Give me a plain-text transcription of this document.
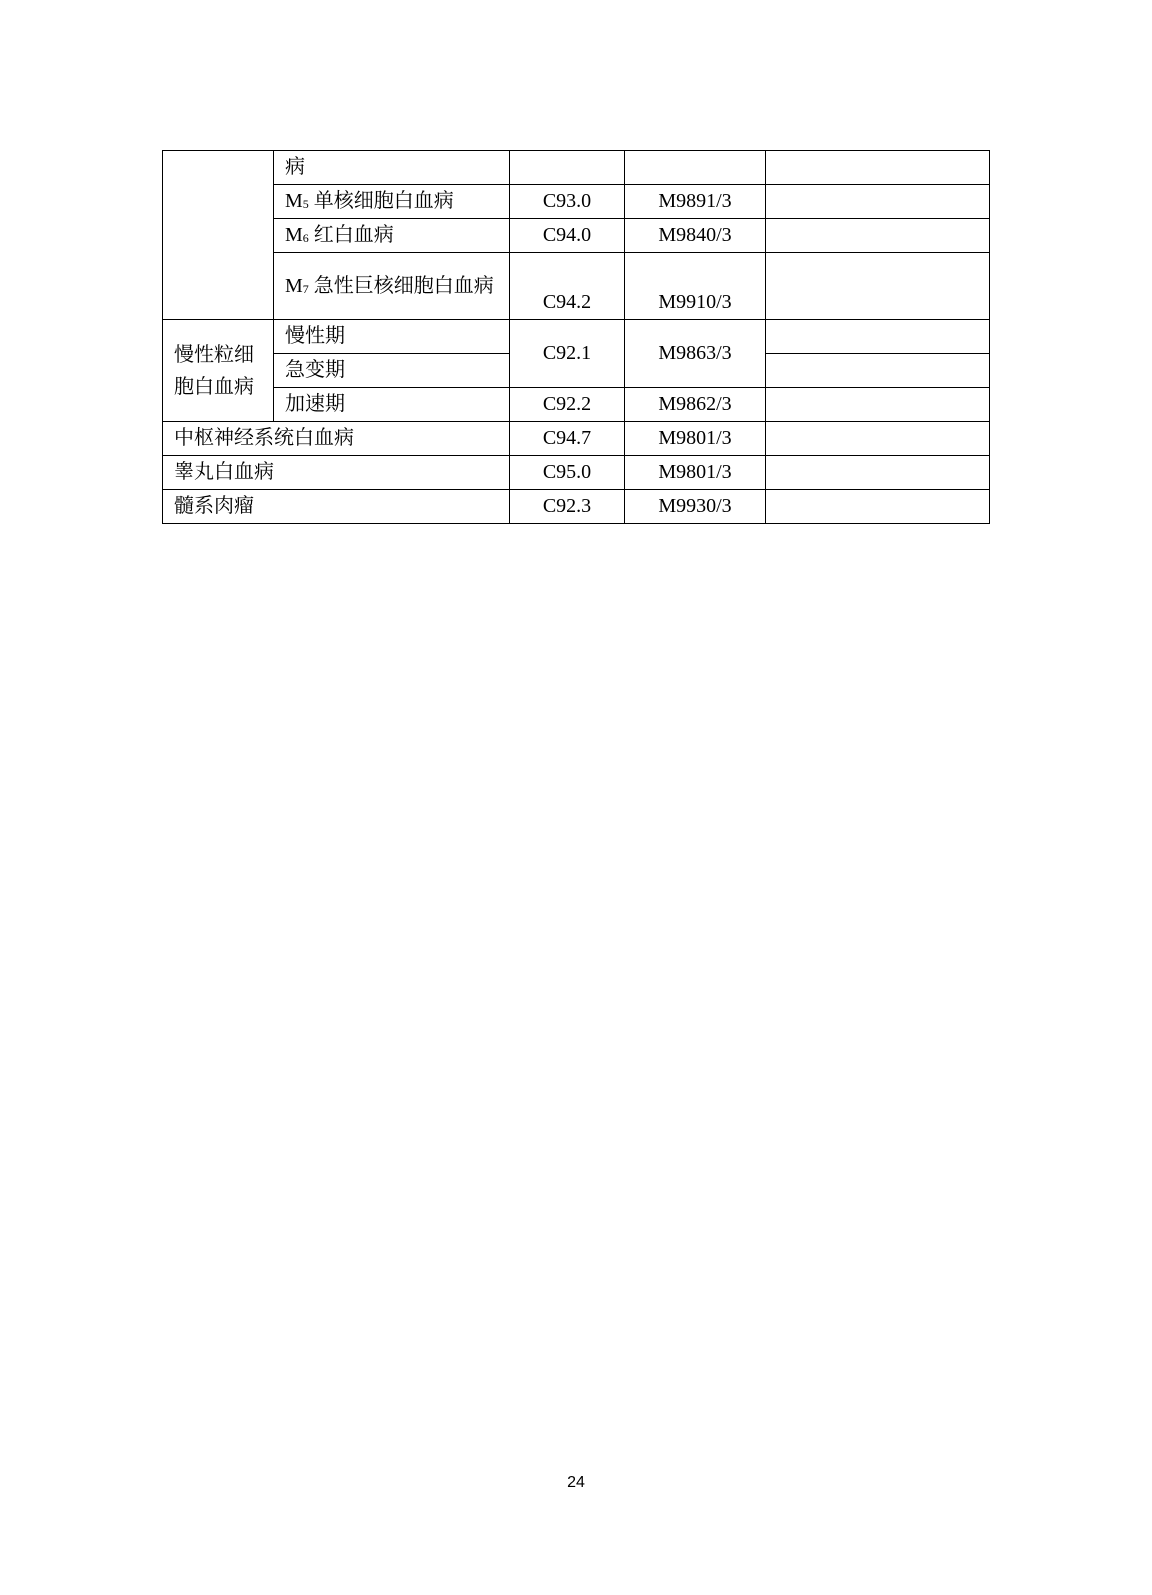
	病			
	$M_5$ 单核细胞白血病	C93.0	M9891/3	
	$M_6$ 红白血病	C94.0	M9840/3	
	$M_7$ 急性巨核细胞白血病	C94.2	M9910/3	
慢性粒细胞白血病	慢性期	C92.1	M9863/3	
	急变期			
	加速期	C92.2	M9862/3	
中枢神经系统白血病		C94.7	M9801/3	
睾丸白血病		C95.0	M9801/3	
髓系肉瘤		C92.3	M9930/3	
24
